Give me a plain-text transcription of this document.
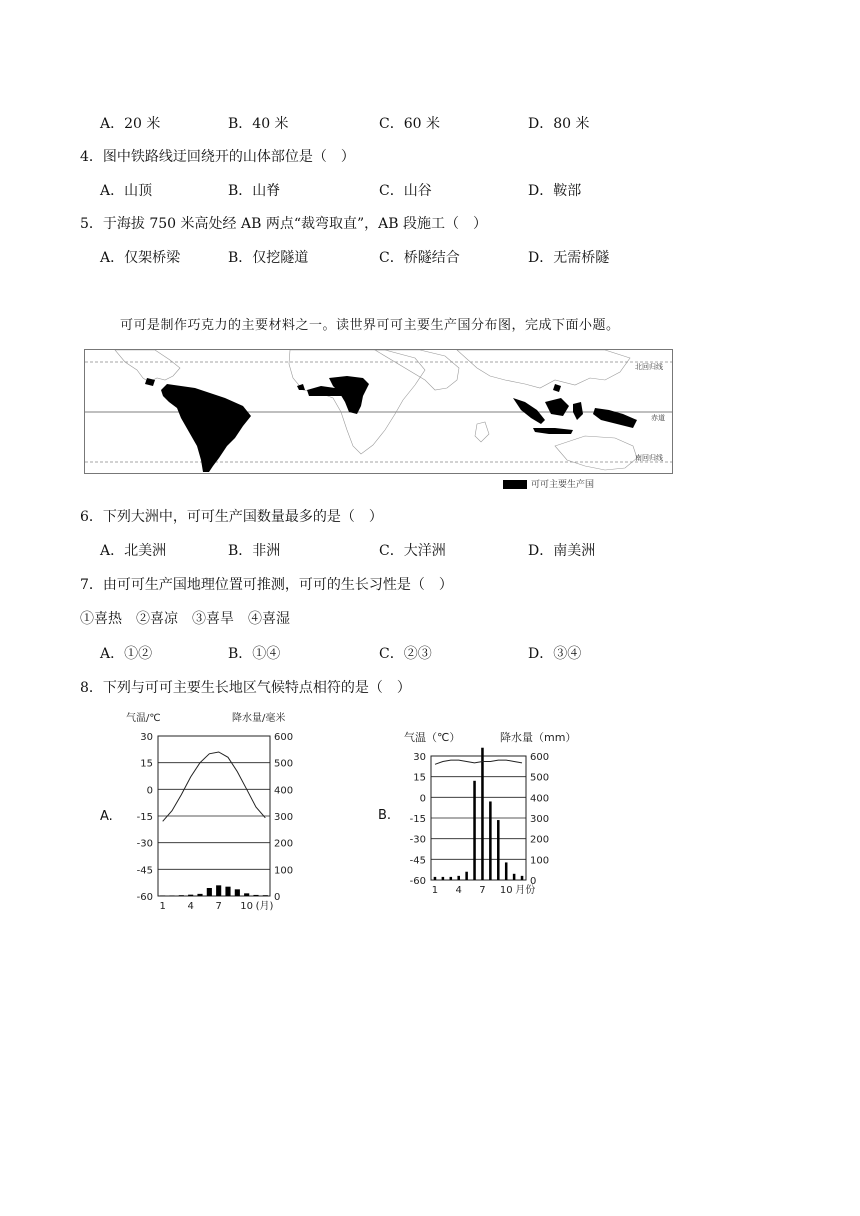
A．20 米	B．40 米	C．60 米	D．80 米
4．图中铁路线迂回绕开的山体部位是（　）
A．山顶	B．山脊	C．山谷	D．鞍部
5．于海拔 750 米高处经 AB 两点“裁弯取直”，AB 段施工（　）
A．仅架桥梁	B．仅挖隧道	C．桥隧结合	D．无需桥隧
可可是制作巧克力的主要材料之一。读世界可可主要生产国分布图，完成下面小题。
北回归线
赤道
南回归线
可可主要生产国
6．下列大洲中，可可生产国数量最多的是（　）
A．北美洲	B．非洲	C．大洋洲	D．南美洲
7．由可可生产国地理位置可推测，可可的生长习性是（　）
①喜热　②喜凉　③喜旱　④喜湿
A．①②	B．①④	C．②③	D．③④
8．下列与可可主要生长地区气候特点相符的是（　）
A.
气温/℃	降水量/毫米
30	600
15	500
0	400
-15	300
-30	200
-45	100
-60	0
1 4 7 10 (月)
B.
气温（℃）	降水量（mm）
30	600
15	500
0	400
-15	300
-30	200
-45	100
-60	0
1 4 7 10 月份
